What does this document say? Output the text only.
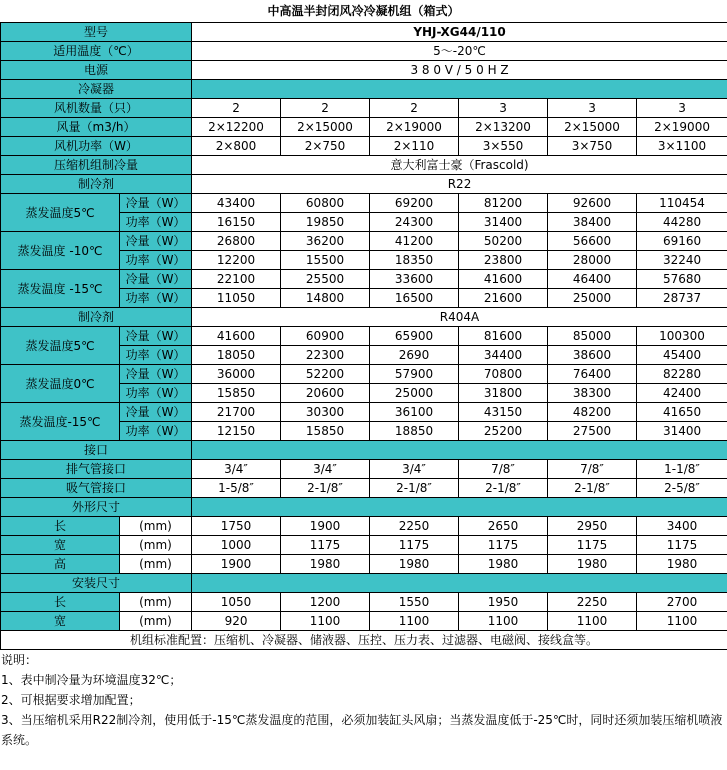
中高温半封闭风冷冷凝机组（箱式）
型号		YHJ-XG44/110					
适用温度（℃）		5～-20℃					
电源		3 8 0 V / 5 0 H Z					
冷凝器							
风机数量（只）		2	2	2	3	3	3
风量（m3/h）		2×12200	2×15000	2×19000	2×13200	2×15000	2×19000
风机功率（W）		2×800	2×750	2×110	3×550	3×750	3×1100
压缩机组制冷量		意大利富士豪（Frascold)					
制冷剂		R22					
蒸发温度5℃	冷量（W）	43400	60800	69200	81200	92600	110454
	功率（W）	16150	19850	24300	31400	38400	44280
蒸发温度 -10℃	冷量（W）	26800	36200	41200	50200	56600	69160
	功率（W）	12200	15500	18350	23800	28000	32240
蒸发温度 -15℃	冷量（W）	22100	25500	33600	41600	46400	57680
	功率（W）	11050	14800	16500	21600	25000	28737
制冷剂		R404A					
蒸发温度5℃	冷量（W）	41600	60900	65900	81600	85000	100300
	功率（W）	18050	22300	2690	34400	38600	45400
蒸发温度0℃	冷量（W）	36000	52200	57900	70800	76400	82280
	功率（W）	15850	20600	25000	31800	38300	42400
蒸发温度-15℃	冷量（W）	21700	30300	36100	43150	48200	41650
	功率（W）	12150	15850	18850	25200	27500	31400
接口							
排气管接口		3/4″	3/4″	3/4″	7/8″	7/8″	1-1/8″
吸气管接口		1-5/8″	2-1/8″	2-1/8″	2-1/8″	2-1/8″	2-5/8″
外形尺寸							
长	(mm)	1750	1900	2250	2650	2950	3400
宽	(mm)	1000	1175	1175	1175	1175	1175
高	(mm)	1900	1980	1980	1980	1980	1980
安装尺寸							
长	(mm)	1050	1200	1550	1950	2250	2700
宽	(mm)	920	1100	1100	1100	1100	1100
机组标准配置：压缩机、冷凝器、储液器、压控、压力表、过滤器、电磁阀、接线盒等。							
说明：
1、表中制冷量为环境温度32℃；
2、可根据要求增加配置；
3、当压缩机采用R22制冷剂，使用低于-15℃蒸发温度的范围，必须加装缸头风扇；当蒸发温度低于-25℃时，同时还须加装压缩机喷液
系统。
